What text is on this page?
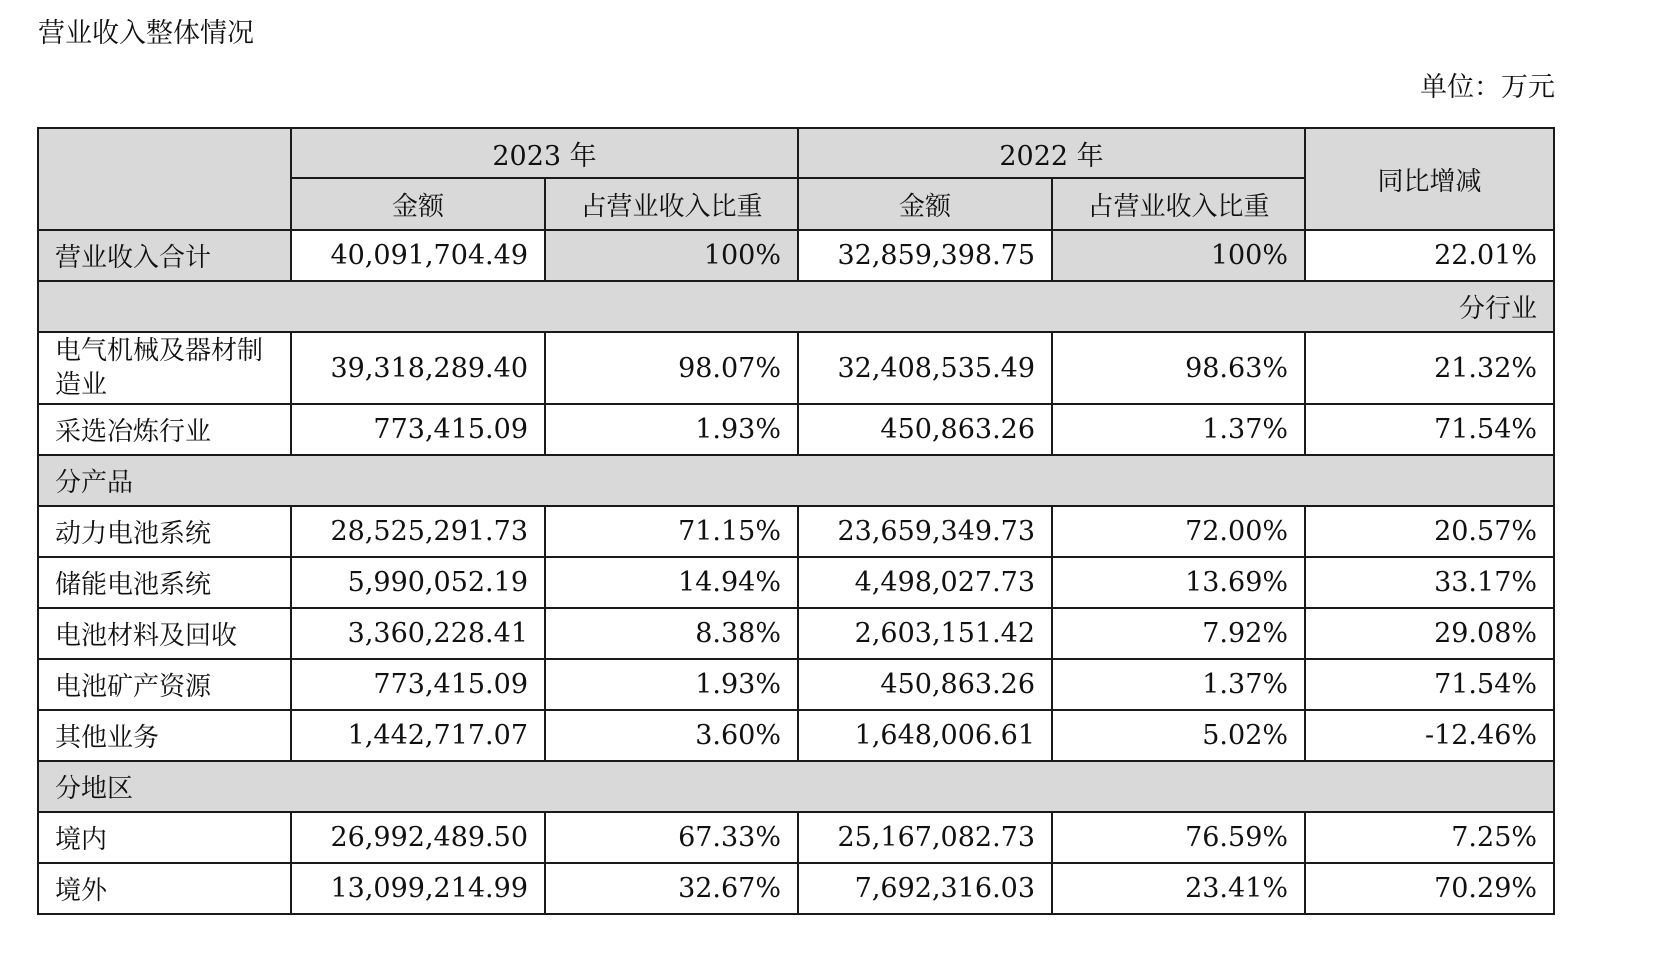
营业收入整体情况
单位：万元
	2023 年		2022 年		同比增减
	金额	占营业收入比重	金额	占营业收入比重	
营业收入合计	40,091,704.49	100%	32,859,398.75	100%	22.01%
分行业					
电气机械及器材制造业	39,318,289.40	98.07%	32,408,535.49	98.63%	21.32%
采选冶炼行业	773,415.09	1.93%	450,863.26	1.37%	71.54%
分产品					
动力电池系统	28,525,291.73	71.15%	23,659,349.73	72.00%	20.57%
储能电池系统	5,990,052.19	14.94%	4,498,027.73	13.69%	33.17%
电池材料及回收	3,360,228.41	8.38%	2,603,151.42	7.92%	29.08%
电池矿产资源	773,415.09	1.93%	450,863.26	1.37%	71.54%
其他业务	1,442,717.07	3.60%	1,648,006.61	5.02%	-12.46%
分地区					
境内	26,992,489.50	67.33%	25,167,082.73	76.59%	7.25%
境外	13,099,214.99	32.67%	7,692,316.03	23.41%	70.29%
